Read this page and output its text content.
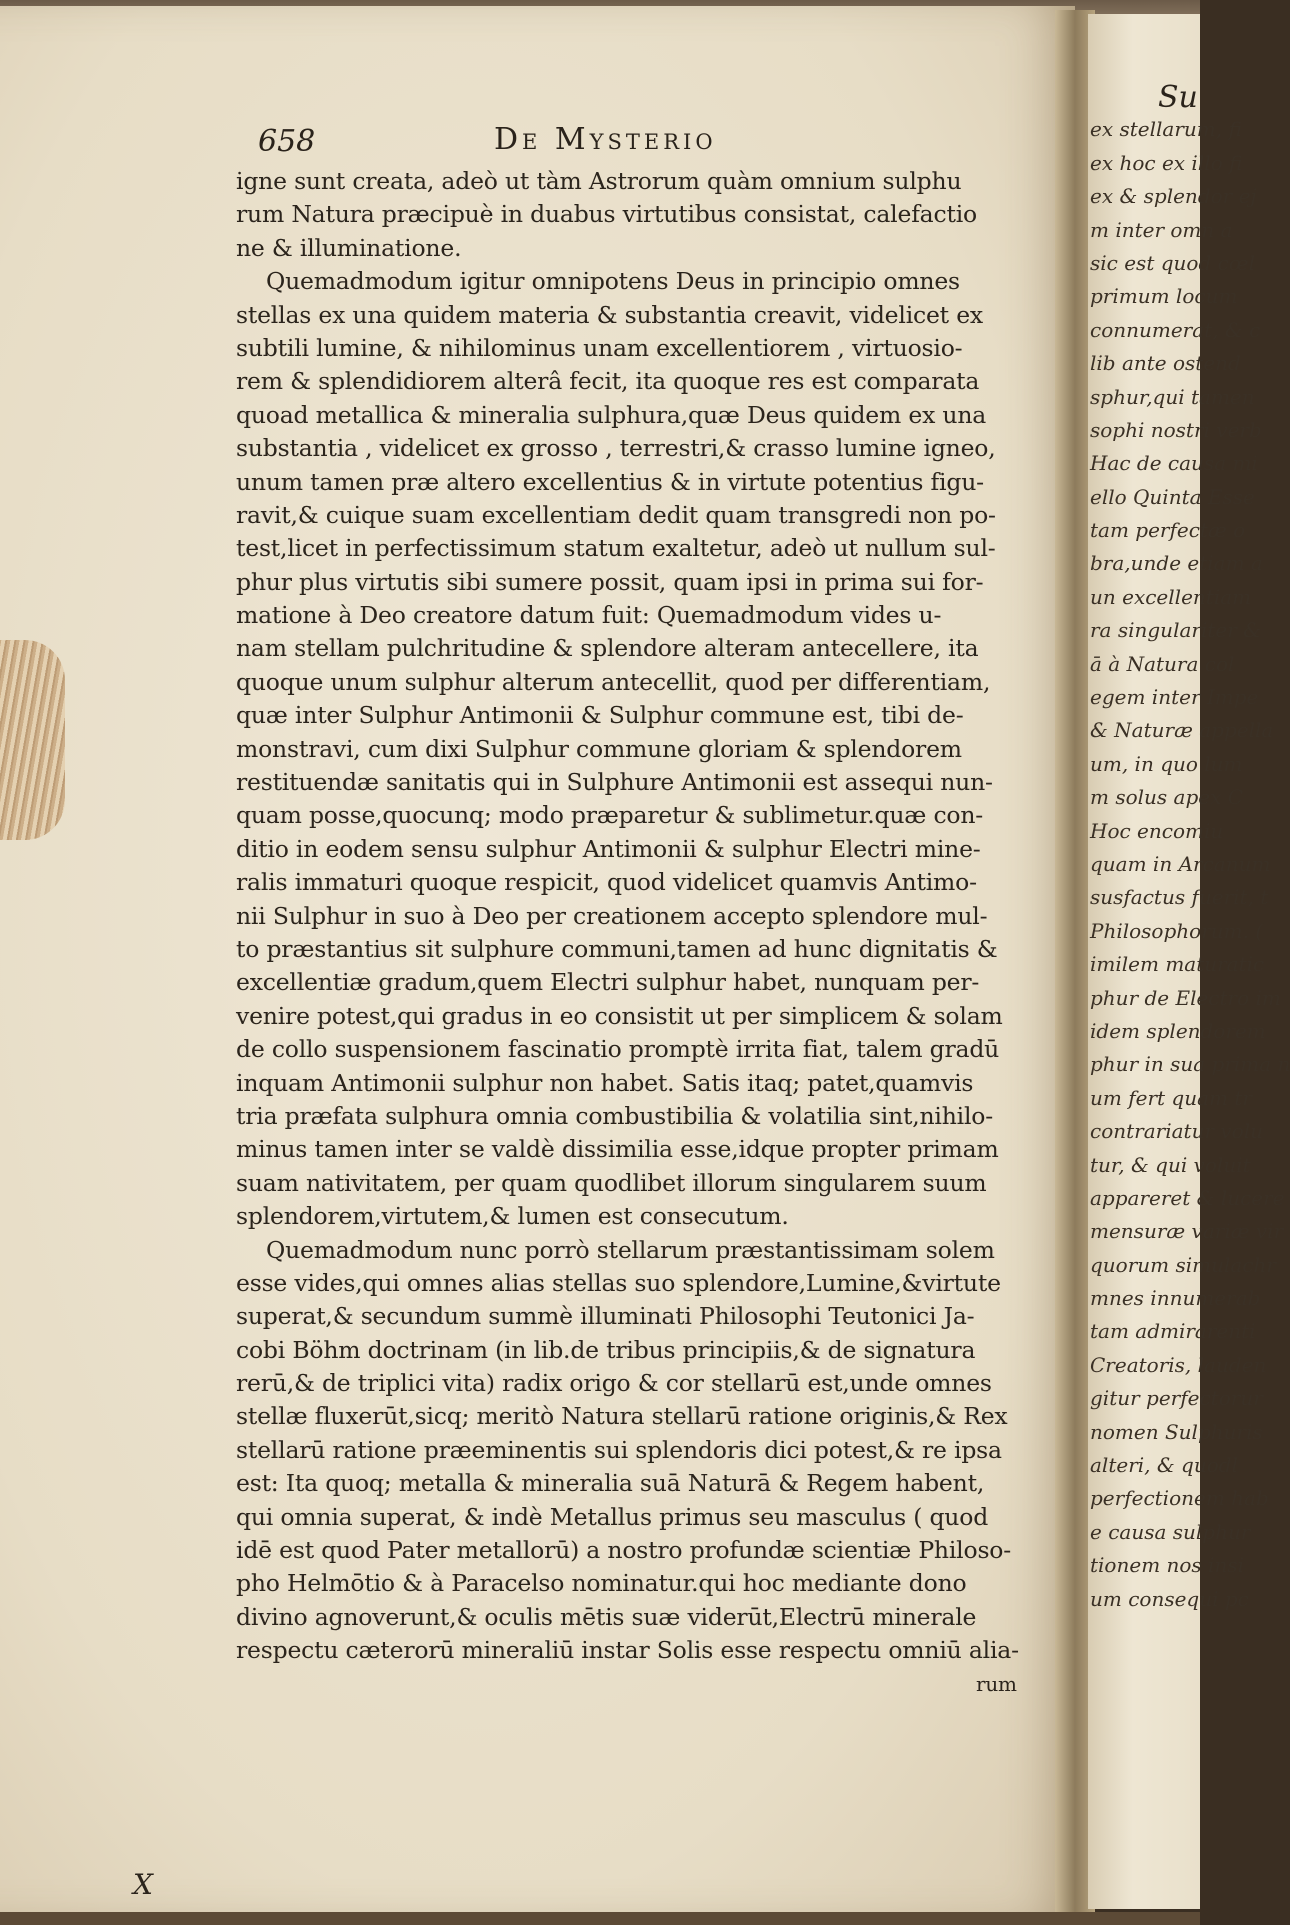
658	De Mysterio
igne sunt creata, adeò ut tàm Astrorum quàm omnium sulphu
rum Natura præcipuè in duabus virtutibus consistat, calefactio
ne & illuminatione.
Quemadmodum igitur omnipotens Deus in principio omnes
stellas ex una quidem materia & substantia creavit, videlicet ex
subtili lumine, & nihilominus unam excellentiorem , virtuosio-
rem & splendidiorem alterâ fecit, ita quoque res est comparata
quoad metallica & mineralia sulphura,quæ Deus quidem ex una
substantia , videlicet ex grosso , terrestri,& crasso lumine igneo,
unum tamen præ altero excellentius & in virtute potentius figu-
ravit,& cuique suam excellentiam dedit quam transgredi non po-
test,licet in perfectissimum statum exaltetur, adeò ut nullum sul-
phur plus virtutis sibi sumere possit, quam ipsi in prima sui for-
matione à Deo creatore datum fuit: Quemadmodum vides u-
nam stellam pulchritudine & splendore alteram antecellere, ita
quoque unum sulphur alterum antecellit, quod per differentiam,
quæ inter Sulphur Antimonii & Sulphur commune est, tibi de-
monstravi, cum dixi Sulphur commune gloriam & splendorem
restituendæ sanitatis qui in Sulphure Antimonii est assequi nun-
quam posse,quocunq; modo præparetur & sublimetur.quæ con-
ditio in eodem sensu sulphur Antimonii & sulphur Electri mine-
ralis immaturi quoque respicit, quod videlicet quamvis Antimo-
nii Sulphur in suo à Deo per creationem accepto splendore mul-
to præstantius sit sulphure communi,tamen ad hunc dignitatis &
excellentiæ gradum,quem Electri sulphur habet, nunquam per-
venire potest,qui gradus in eo consistit ut per simplicem & solam
de collo suspensionem fascinatio promptè irrita fiat, talem gradū
inquam Antimonii sulphur non habet. Satis itaq; patet,quamvis
tria præfata sulphura omnia combustibilia & volatilia sint,nihilo-
minus tamen inter se valdè dissimilia esse,idque propter primam
suam nativitatem, per quam quodlibet illorum singularem suum
splendorem,virtutem,& lumen est consecutum.
Quemadmodum nunc porrò stellarum præstantissimam solem
esse vides,qui omnes alias stellas suo splendore,Lumine,&virtute
superat,& secundum summè illuminati Philosophi Teutonici Ja-
cobi Böhm doctrinam (in lib.de tribus principiis,& de signatura
rerū,& de triplici vita) radix origo & cor stellarū est,unde omnes
stellæ fluxerūt,sicq; meritò Natura stellarū ratione originis,& Rex
stellarū ratione præeminentis sui splendoris dici potest,& re ipsa
est: Ita quoq; metalla & mineralia suā Naturā & Regem habent,
qui omnia superat, & indè Metallus primus seu masculus ( quod
idē est quod Pater metallorū) a nostro profundæ scientiæ Philoso-
pho Helmōtio & à Paracelso nominatur.qui hoc mediante dono
divino agnoverunt,& oculis mētis suæ viderūt,Electrū minerale
respectu cæterorū mineraliū instar Solis esse respectu omniū alia-
rum
X
Su
ex stellarum, fi
ex hoc ex illo fi
ex & splendor ej
m inter omn a
sic est quod cœl
primum locum
connumerat, & c
lib ante ostend
sphur,qui tamen
sophi nostri verb
Hac de causa mi
ello Quinta Esse
tam perfectæ o
bra,unde etiam a
un excellentiam
ra singulariter &
ā à Natura col
egem inter Impe
& Naturæ appella
um, in quo lum
m solus apex C
Hoc encomiu
quam in Arcanum
susfactus fuerit, t
Philosophorum. (
imilem maturatic
phur de Electro im
idem splendorem
phur in sua prima n
um fert quam tr
contrariatur volu
tur, & qui voluit
appareret & lucere
mensuræ variæ vir
quorum simulachr
mnes innumerab
tam admirarenti
Creatoris, lauden
gitur perfectorur
nomen Sulphuris
alteri, & quodl
perfectionem hab
e causa sulphur
tionem nos insi
um consequi pc
